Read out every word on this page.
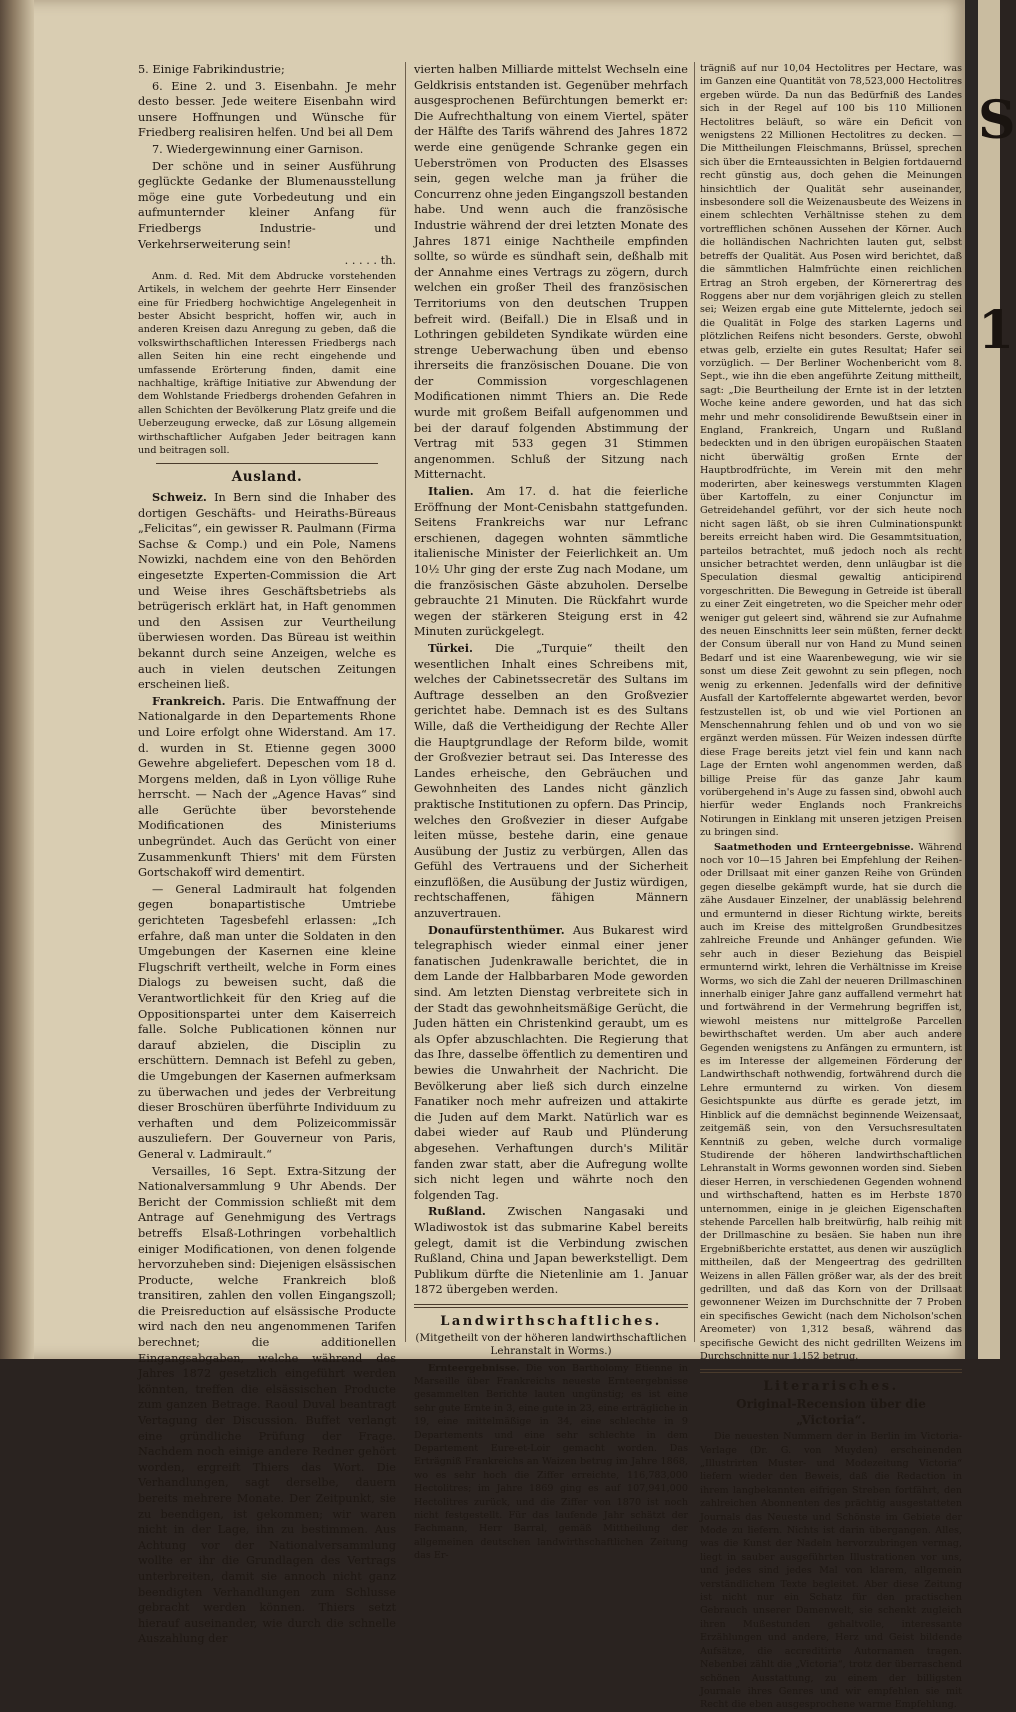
5. Einige Fabrikindustrie;

6. Eine 2. und 3. Eisenbahn. Je mehr desto besser. Jede weitere Eisenbahn wird unsere Hoffnungen und Wünsche für Friedberg realisiren helfen. Und bei all Dem

7. Wiedergewinnung einer Garnison.

Der schöne und in seiner Ausführung geglückte Gedanke der Blumenausstellung möge eine gute Vorbedeutung und ein aufmunternder kleiner Anfang für Friedbergs Industrie- und Verkehrserweiterung sein!

. . . . . th.

Anm. d. Red. Mit dem Abdrucke vorstehenden Artikels, in welchem der geehrte Herr Einsender eine für Friedberg hochwichtige Angelegenheit in bester Absicht bespricht, hoffen wir, auch in anderen Kreisen dazu Anregung zu geben, daß die volkswirthschaftlichen Interessen Friedbergs nach allen Seiten hin eine recht eingehende und umfassende Erörterung finden, damit eine nachhaltige, kräftige Initiative zur Abwendung der dem Wohlstande Friedbergs drohenden Gefahren in allen Schichten der Bevölkerung Platz greife und die Ueberzeugung erwecke, daß zur Lösung allgemein wirthschaftlicher Aufgaben Jeder beitragen kann und beitragen soll.

Ausland.

Schweiz. In Bern sind die Inhaber des dortigen Geschäfts- und Heiraths-Büreaus „Felicitas“, ein gewisser R. Paulmann (Firma Sachse & Comp.) und ein Pole, Namens Nowizki, nachdem eine von den Behörden eingesetzte Experten-Commission die Art und Weise ihres Geschäftsbetriebs als betrügerisch erklärt hat, in Haft genommen und den Assisen zur Veurtheilung überwiesen worden. Das Büreau ist weithin bekannt durch seine Anzeigen, welche es auch in vielen deutschen Zeitungen erscheinen ließ.

Frankreich. Paris. Die Entwaffnung der Nationalgarde in den Departements Rhone und Loire erfolgt ohne Widerstand. Am 17. d. wurden in St. Etienne gegen 3000 Gewehre abgeliefert. Depeschen vom 18 d. Morgens melden, daß in Lyon völlige Ruhe herrscht. — Nach der „Agence Havas“ sind alle Gerüchte über bevorstehende Modificationen des Ministeriums unbegründet. Auch das Gerücht von einer Zusammenkunft Thiers' mit dem Fürsten Gortschakoff wird dementirt.

— General Ladmirault hat folgenden gegen bonapartistische Umtriebe gerichteten Tagesbefehl erlassen: „Ich erfahre, daß man unter die Soldaten in den Umgebungen der Kasernen eine kleine Flugschrift vertheilt, welche in Form eines Dialogs zu beweisen sucht, daß die Verantwortlichkeit für den Krieg auf die Oppositionspartei unter dem Kaiserreich falle. Solche Publicationen können nur darauf abzielen, die Disciplin zu erschüttern. Demnach ist Befehl zu geben, die Umgebungen der Kasernen aufmerksam zu überwachen und jedes der Verbreitung dieser Broschüren überführte Individuum zu verhaften und dem Polizeicommissär auszuliefern. Der Gouverneur von Paris, General v. Ladmirault.“

Versailles, 16 Sept. Extra-Sitzung der Nationalversammlung 9 Uhr Abends. Der Bericht der Commission schließt mit dem Antrage auf Genehmigung des Vertrags betreffs Elsaß-Lothringen vorbehaltlich einiger Modificationen, von denen folgende hervorzuheben sind: Diejenigen elsässischen Producte, welche Frankreich bloß transitiren, zahlen den vollen Eingangszoll; die Preisreduction auf elsässische Producte wird nach den neu angenommenen Tarifen berechnet; die additionellen Eingangsabgaben, welche während des Jahres 1872 gesetzlich eingeführt werden könnten, treffen die elsässischen Producte zum ganzen Betrage. Raoul Duval beantragt Vertagung der Discussion. Buffet verlangt eine gründliche Prüfung der Frage. Nachdem noch einige andere Redner gehört worden, ergreift Thiers das Wort. Die Verhandlungen, sagt derselbe, dauern bereits mehrere Monate. Der Zeitpunkt, sie zu beendigen, ist gekommen; wir waren nicht in der Lage, ihn zu bestimmen. Aus Achtung vor der Nationalversammlung wollte er ihr die Grundlagen des Vertrags unterbreiten, damit sie annoch nicht ganz beendigten Verhandlungen zum Schlusse gebracht werden können. Thiers setzt hierauf auseinander, wie durch die schnelle Auszahlung der

vierten halben Milliarde mittelst Wechseln eine Geldkrisis entstanden ist. Gegenüber mehrfach ausgesprochenen Befürchtungen bemerkt er: Die Aufrechthaltung von einem Viertel, später der Hälfte des Tarifs während des Jahres 1872 werde eine genügende Schranke gegen ein Ueberströmen von Producten des Elsasses sein, gegen welche man ja früher die Concurrenz ohne jeden Eingangszoll bestanden habe. Und wenn auch die französische Industrie während der drei letzten Monate des Jahres 1871 einige Nachtheile empfinden sollte, so würde es sündhaft sein, deßhalb mit der Annahme eines Vertrags zu zögern, durch welchen ein großer Theil des französischen Territoriums von den deutschen Truppen befreit wird. (Beifall.) Die in Elsaß und in Lothringen gebildeten Syndikate würden eine strenge Ueberwachung üben und ebenso ihrerseits die französischen Douane. Die von der Commission vorgeschlagenen Modificationen nimmt Thiers an. Die Rede wurde mit großem Beifall aufgenommen und bei der darauf folgenden Abstimmung der Vertrag mit 533 gegen 31 Stimmen angenommen. Schluß der Sitzung nach Mitternacht.

Italien. Am 17. d. hat die feierliche Eröffnung der Mont-Cenisbahn stattgefunden. Seitens Frankreichs war nur Lefranc erschienen, dagegen wohnten sämmtliche italienische Minister der Feierlichkeit an. Um 10½ Uhr ging der erste Zug nach Modane, um die französischen Gäste abzuholen. Derselbe gebrauchte 21 Minuten. Die Rückfahrt wurde wegen der stärkeren Steigung erst in 42 Minuten zurückgelegt.

Türkei. Die „Turquie“ theilt den wesentlichen Inhalt eines Schreibens mit, welches der Cabinetssecretär des Sultans im Auftrage desselben an den Großvezier gerichtet habe. Demnach ist es des Sultans Wille, daß die Vertheidigung der Rechte Aller die Hauptgrundlage der Reform bilde, womit der Großvezier betraut sei. Das Interesse des Landes erheische, den Gebräuchen und Gewohnheiten des Landes nicht gänzlich praktische Institutionen zu opfern. Das Princip, welches den Großvezier in dieser Aufgabe leiten müsse, bestehe darin, eine genaue Ausübung der Justiz zu verbürgen, Allen das Gefühl des Vertrauens und der Sicherheit einzuflößen, die Ausübung der Justiz würdigen, rechtschaffenen, fähigen Männern anzuvertrauen.

Donaufürstenthümer. Aus Bukarest wird telegraphisch wieder einmal einer jener fanatischen Judenkrawalle berichtet, die in dem Lande der Halbbarbaren Mode geworden sind. Am letzten Dienstag verbreitete sich in der Stadt das gewohnheitsmäßige Gerücht, die Juden hätten ein Christenkind geraubt, um es als Opfer abzuschlachten. Die Regierung that das Ihre, dasselbe öffentlich zu dementiren und bewies die Unwahrheit der Nachricht. Die Bevölkerung aber ließ sich durch einzelne Fanatiker noch mehr aufreizen und attakirte die Juden auf dem Markt. Natürlich war es dabei wieder auf Raub und Plünderung abgesehen. Verhaftungen durch's Militär fanden zwar statt, aber die Aufregung wollte sich nicht legen und währte noch den folgenden Tag.

Rußland. Zwischen Nangasaki und Wladiwostok ist das submarine Kabel bereits gelegt, damit ist die Verbindung zwischen Rußland, China und Japan bewerkstelligt. Dem Publikum dürfte die Nietenlinie am 1. Januar 1872 übergeben werden.

Landwirthschaftliches.
(Mitgetheilt von der höheren landwirthschaftlichen Lehranstalt in Worms.)

Ernteergebnisse. Die von Bartholomy Etienne in Marseille über Frankreichs neueste Ernteergebnisse gesammelten Berichte lauten ungünstig; es ist eine sehr gute Ernte in 3, eine gute in 23, eine erträgliche in 19, eine mittelmäßige in 34, eine schlechte in 9 Departements und eine sehr schlechte in dem Departement Eure-et-Loir gemacht worden. Das Erträgniß Frankreichs an Waizen betrug im Jahre 1868, wo es sehr hoch die Ziffer erreichte, 116,783,000 Hectolitres; im Jahre 1869 ging es auf 107,941,000 Hectolitres zurück, und die Ziffer von 1870 ist noch nicht festgestellt. Für das laufende Jahr schätzt der Fachmann, Herr Barral, gemäß Mittheilung der allgemeinen deutschen landwirthschaftlichen Zeitung das Er-

trägniß auf nur 10,04 Hectolitres per Hectare, was im Ganzen eine Quantität von 78,523,000 Hectolitres ergeben würde. Da nun das Bedürfniß des Landes sich in der Regel auf 100 bis 110 Millionen Hectolitres beläuft, so wäre ein Deficit von wenigstens 22 Millionen Hectolitres zu decken. — Die Mittheilungen Fleischmanns, Brüssel, sprechen sich über die Ernteaussichten in Belgien fortdauernd recht günstig aus, doch gehen die Meinungen hinsichtlich der Qualität sehr auseinander, insbesondere soll die Weizenausbeute des Weizens in einem schlechten Verhältnisse stehen zu dem vortrefflichen schönen Aussehen der Körner. Auch die holländischen Nachrichten lauten gut, selbst betreffs der Qualität. Aus Posen wird berichtet, daß die sämmtlichen Halmfrüchte einen reichlichen Ertrag an Stroh ergeben, der Körnerertrag des Roggens aber nur dem vorjährigen gleich zu stellen sei; Weizen ergab eine gute Mittelernte, jedoch sei die Qualität in Folge des starken Lagerns und plötzlichen Reifens nicht besonders. Gerste, obwohl etwas gelb, erzielte ein gutes Resultat; Hafer sei vorzüglich. — Der Berliner Wochenbericht vom 8. Sept., wie ihn die eben angeführte Zeitung mittheilt, sagt: „Die Beurtheilung der Ernte ist in der letzten Woche keine andere geworden, und hat das sich mehr und mehr consolidirende Bewußtsein einer in England, Frankreich, Ungarn und Rußland bedeckten und in den übrigen europäischen Staaten nicht überwältig großen Ernte der Hauptbrodfrüchte, im Verein mit den mehr moderirten, aber keineswegs verstummten Klagen über Kartoffeln, zu einer Conjunctur im Getreidehandel geführt, vor der sich heute noch nicht sagen läßt, ob sie ihren Culminationspunkt bereits erreicht haben wird. Die Gesammtsituation, parteilos betrachtet, muß jedoch noch als recht unsicher betrachtet werden, denn unläugbar ist die Speculation diesmal gewaltig anticipirend vorgeschritten. Die Bewegung in Getreide ist überall zu einer Zeit eingetreten, wo die Speicher mehr oder weniger gut geleert sind, während sie zur Aufnahme des neuen Einschnitts leer sein müßten, ferner deckt der Consum überall nur von Hand zu Mund seinen Bedarf und ist eine Waarenbewegung, wie wir sie sonst um diese Zeit gewohnt zu sein pflegen, noch wenig zu erkennen. Jedenfalls wird der definitive Ausfall der Kartoffelernte abgewartet werden, bevor festzustellen ist, ob und wie viel Portionen an Menschennahrung fehlen und ob und von wo sie ergänzt werden müssen. Für Weizen indessen dürfte diese Frage bereits jetzt viel fein und kann nach Lage der Ernten wohl angenommen werden, daß billige Preise für das ganze Jahr kaum vorübergehend in's Auge zu fassen sind, obwohl auch hierfür weder Englands noch Frankreichs Notirungen in Einklang mit unseren jetzigen Preisen zu bringen sind.

Saatmethoden und Ernteergebnisse. Während noch vor 10—15 Jahren bei Empfehlung der Reihen- oder Drillsaat mit einer ganzen Reihe von Gründen gegen dieselbe gekämpft wurde, hat sie durch die zähe Ausdauer Einzelner, der unablässig belehrend und ermunternd in dieser Richtung wirkte, bereits auch im Kreise des mittelgroßen Grundbesitzes zahlreiche Freunde und Anhänger gefunden. Wie sehr auch in dieser Beziehung das Beispiel ermunternd wirkt, lehren die Verhältnisse im Kreise Worms, wo sich die Zahl der neueren Drillmaschinen innerhalb einiger Jahre ganz auffallend vermehrt hat und fortwährend in der Vermehrung begriffen ist, wiewohl meistens nur mittelgroße Parcellen bewirthschaftet werden. Um aber auch andere Gegenden wenigstens zu Anfängen zu ermuntern, ist es im Interesse der allgemeinen Förderung der Landwirthschaft nothwendig, fortwährend durch die Lehre ermunternd zu wirken. Von diesem Gesichtspunkte aus dürfte es gerade jetzt, im Hinblick auf die demnächst beginnende Weizensaat, zeitgemäß sein, von den Versuchsresultaten Kenntniß zu geben, welche durch vormalige Studirende der höheren landwirthschaftlichen Lehranstalt in Worms gewonnen worden sind. Sieben dieser Herren, in verschiedenen Gegenden wohnend und wirthschaftend, hatten es im Herbste 1870 unternommen, einige in je gleichen Eigenschaften stehende Parcellen halb breitwürfig, halb reihig mit der Drillmaschine zu besäen. Sie haben nun ihre Ergebnißberichte erstattet, aus denen wir auszüglich mittheilen, daß der Mengeertrag des gedrillten Weizens in allen Fällen größer war, als der des breit gedrillten, und daß das Korn von der Drillsaat gewonnener Weizen im Durchschnitte der 7 Proben ein specifisches Gewicht (nach dem Nicholson'schen Areometer) von 1,312 besaß, während das specifische Gewicht des nicht gedrillten Weizens im Durchschnitte nur 1,152 betrug.

Literarisches.
Original-Recension über die „Victoria“.

Die neuesten Nummern der in Berlin im Victoria-Verlage (Dr. G. von Muyden) erscheinenden „Illustrirten Muster- und Modezeitung Victoria“ liefern wieder den Beweis, daß die Redaction in ihrem langbekannten eifrigen Streben fortfährt, den zahlreichen Abonnenten des prächtig ausgestatteten Journals das Neueste und Schönste im Gebiete der Mode zu liefern. Nichts ist darin übergangen. Alles, was die Kunst der Nadeln hervorzubringen vermag, liegt in sauber ausgeführten Illustrationen vor uns, und jedes sind jedes Mal von klarem, allgemein verständlichem Texte begleitet. Aber diese Zeitung ist nicht nur ein Schatz für den practischen Gebrauch unserer Damenwelt, sie schenkt zugleich ihren Mußestunden gehaltvolle, interessante Erzählungen und andere, Herz und Geist bildende Aufsätze, die accreditirte Autornamen tragen. Nebenbei zählt die „Victoria“, trotz der überraschend schönen Ausstattung, zu einem der billigsten Journale ihres Genres und wir empfehlen sie mit Recht die eben ausgesprochene warme Empfehlung.

S
1
